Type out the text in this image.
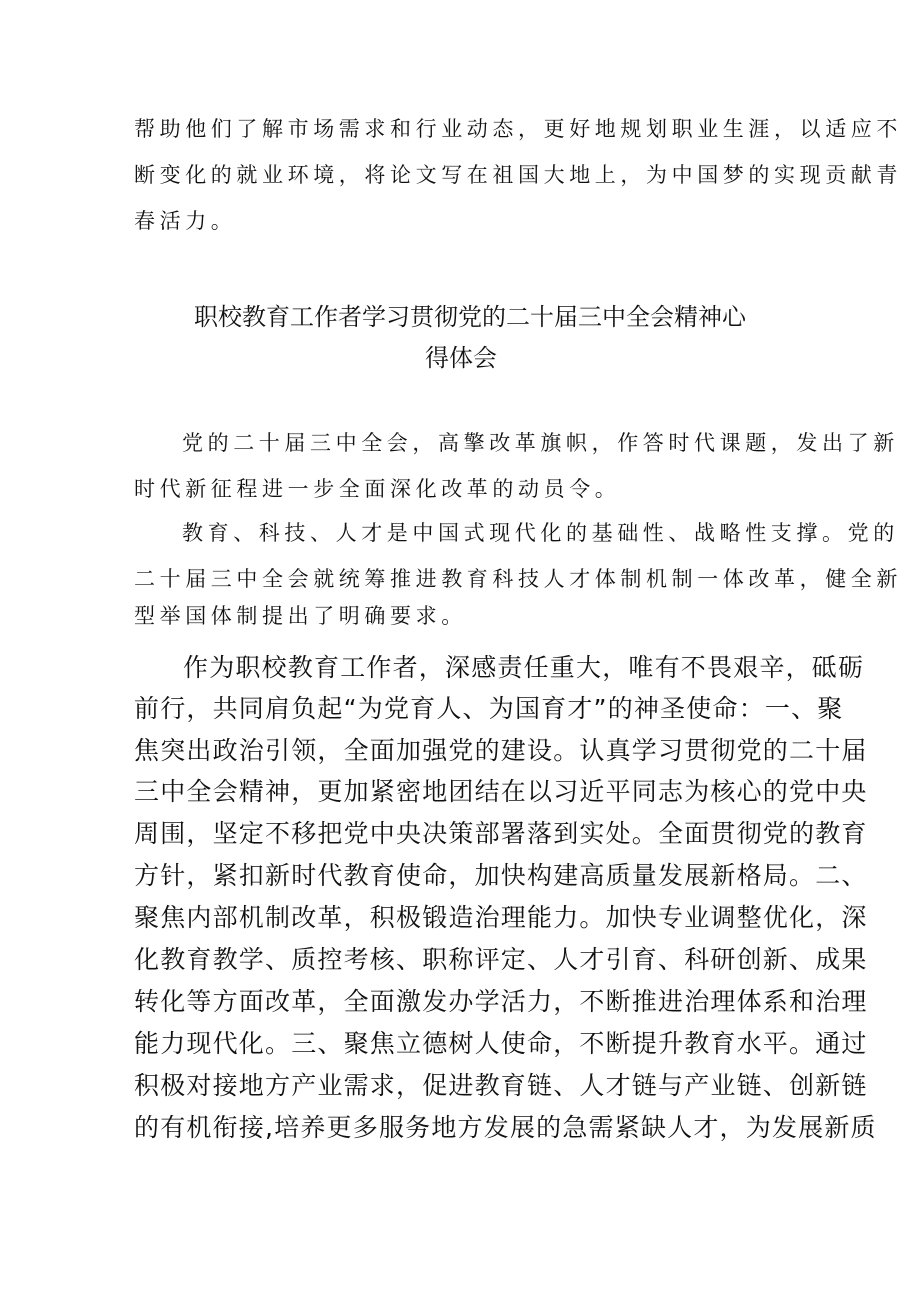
帮助他们了解市场需求和行业动态，更好地规划职业生涯，以适应不
断变化的就业环境，将论文写在祖国大地上，为中国梦的实现贡献青
春活力。
职校教育工作者学习贯彻党的二十届三中全会精神心
得体会
党的二十届三中全会，高擎改革旗帜，作答时代课题，发出了新
时代新征程进一步全面深化改革的动员令。
教育、科技、人才是中国式现代化的基础性、战略性支撑。党的
二十届三中全会就统筹推进教育科技人才体制机制一体改革，健全新
型举国体制提出了明确要求。
作为职校教育工作者，深感责任重大，唯有不畏艰辛，砥砺
前行，共同肩负起“为党育人、为国育才”的神圣使命：一、聚
焦突出政治引领，全面加强党的建设。认真学习贯彻党的二十届
三中全会精神，更加紧密地团结在以习近平同志为核心的党中央
周围，坚定不移把党中央决策部署落到实处。全面贯彻党的教育
方针，紧扣新时代教育使命，加快构建高质量发展新格局。二、
聚焦内部机制改革，积极锻造治理能力。加快专业调整优化，深
化教育教学、质控考核、职称评定、人才引育、科研创新、成果
转化等方面改革，全面激发办学活力，不断推进治理体系和治理
能力现代化。三、聚焦立德树人使命，不断提升教育水平。通过
积极对接地方产业需求，促进教育链、人才链与产业链、创新链
的有机衔接,培养更多服务地方发展的急需紧缺人才，为发展新质
